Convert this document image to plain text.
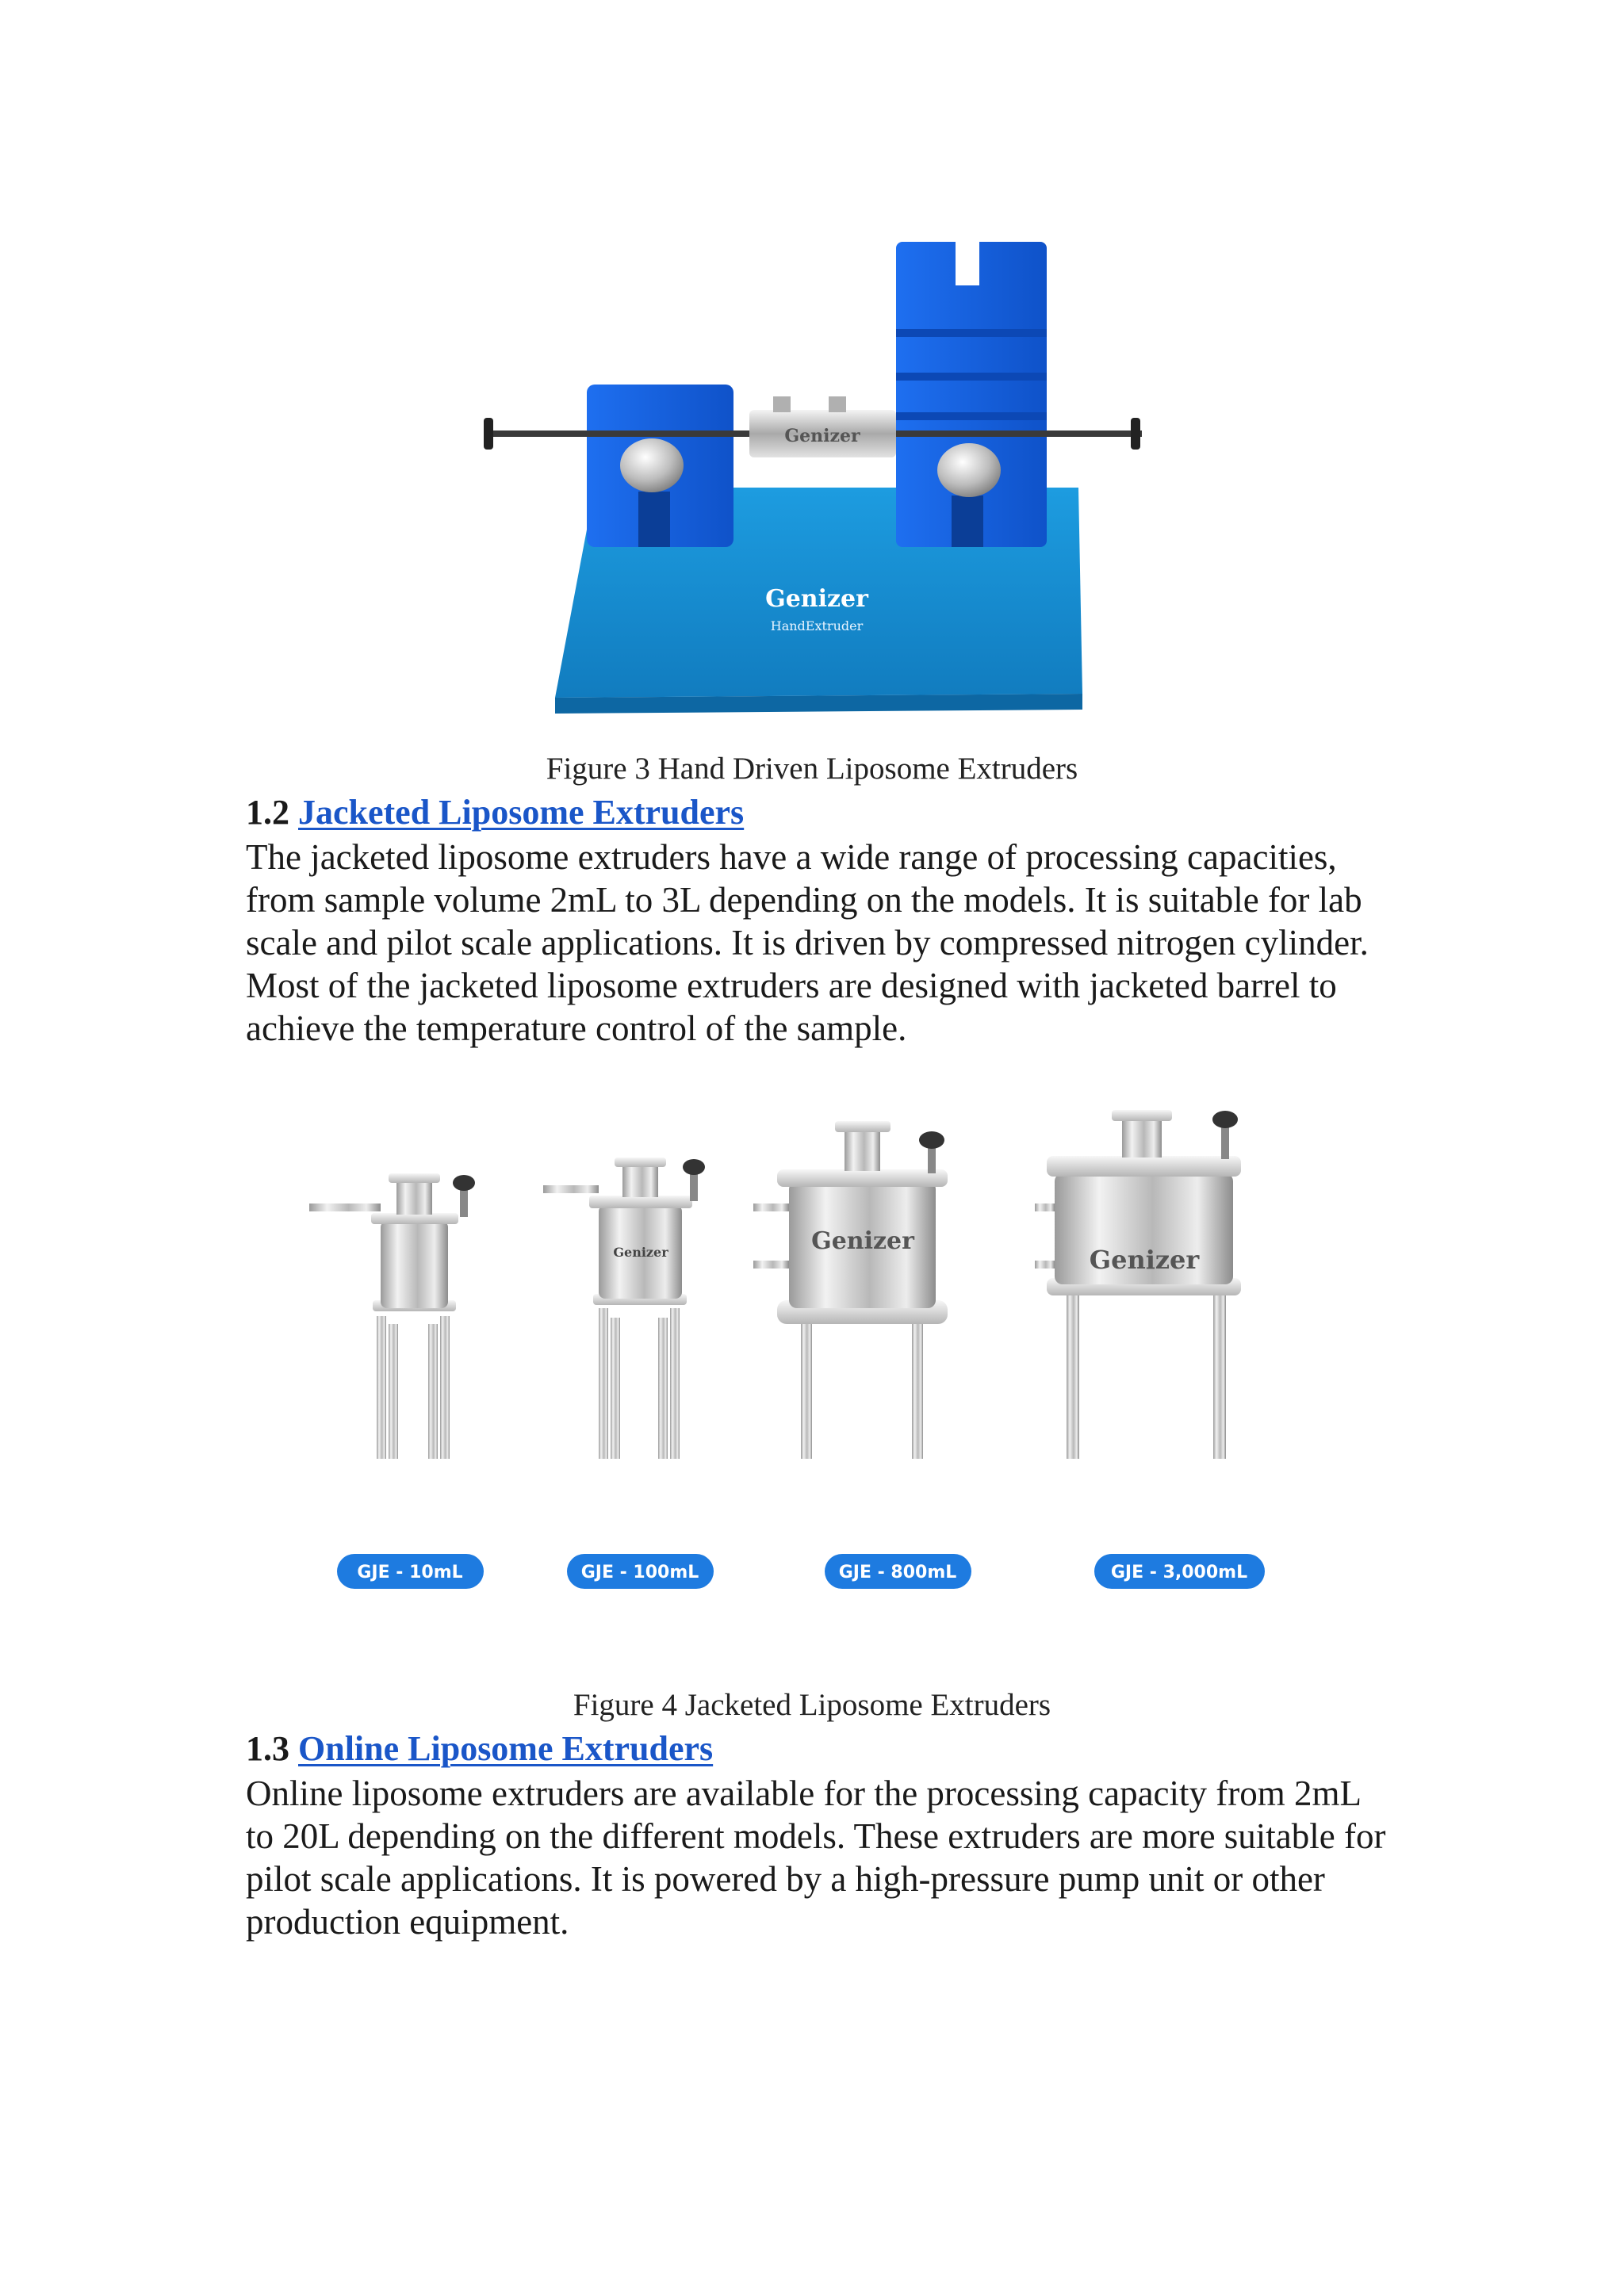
Genizer
HandExtruder
Genizer
Figure 3 Hand Driven Liposome Extruders
1.2 Jacketed Liposome Extruders
The jacketed liposome extruders have a wide range of processing capacities, from sample volume 2mL to 3L depending on the models. It is suitable for lab scale and pilot scale applications. It is driven by compressed nitrogen cylinder. Most of the jacketed liposome extruders are designed with jacketed barrel to achieve the temperature control of the sample.
Genizer	Genizer
Genizer
GJE - 10mL	GJE - 100mL	GJE - 800mL	GJE - 3,000mL
Figure 4 Jacketed Liposome Extruders
1.3 Online Liposome Extruders
Online liposome extruders are available for the processing capacity from 2mL to 20L depending on the different models. These extruders are more suitable for pilot scale applications. It is powered by a high-pressure pump unit or other production equipment.
